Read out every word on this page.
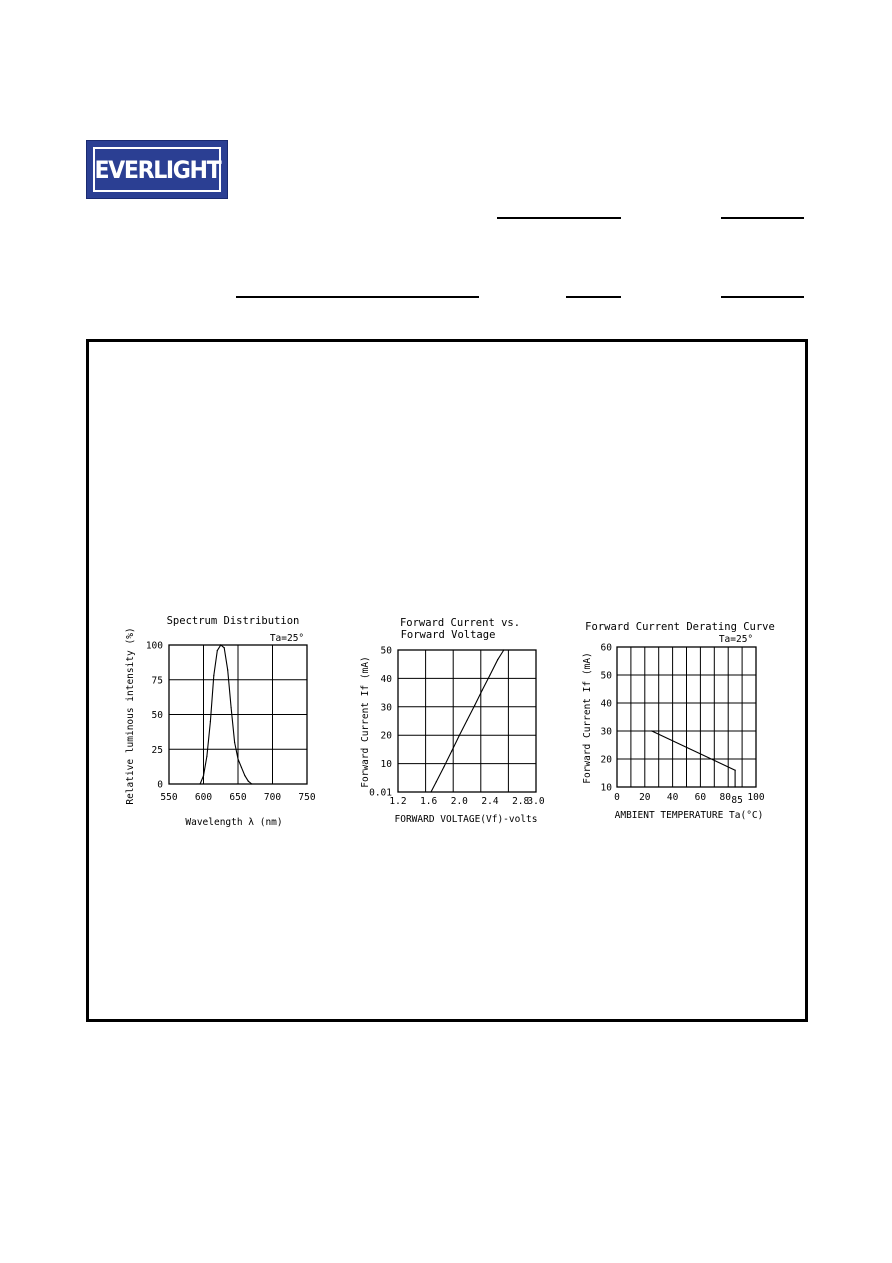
EVERLIGHT
Spectrum Distribution
Ta=25°
Wavelength λ (nm)
Relative luminous intensity (%)	550 600 650 700 750
0
25
50
75
100
Forward Current vs.
Forward Voltage
FORWARD VOLTAGE(Vf)-volts
Forward Current If (mA)
1.2 1.6 2.0 2.4 2.8
3.0
0.01
10
20
30
40
50
Forward Current Derating Curve
Ta=25°
AMBIENT TEMPERATURE Ta(°C)
Forward Current If (mA)
0 20 40 60 80 85 100
10
20
30
40
50
60
